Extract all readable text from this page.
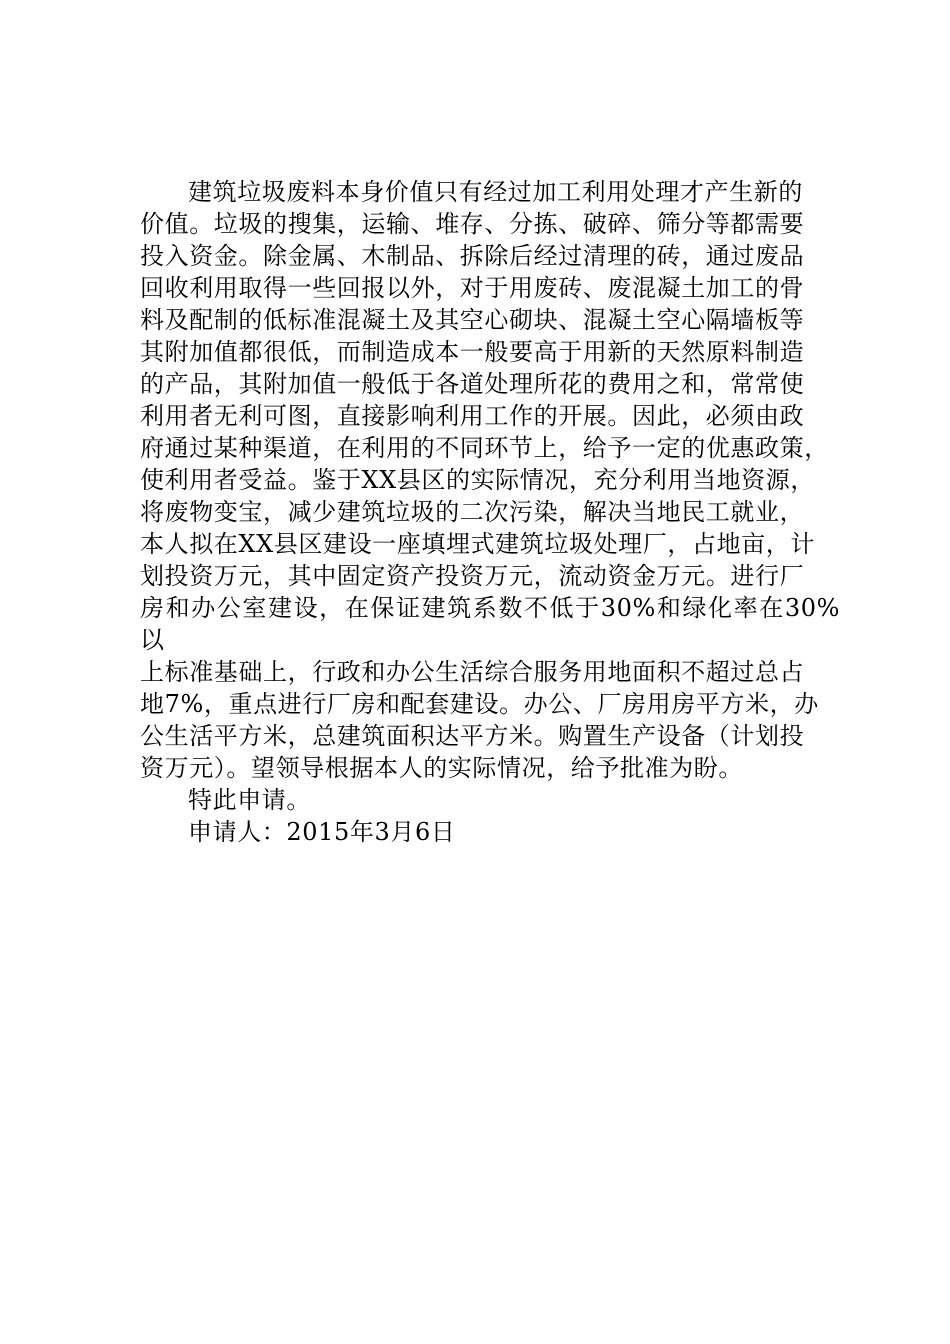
建筑垃圾废料本身价值只有经过加工利用处理才产生新的
价值。垃圾的搜集，运输、堆存、分拣、破碎、筛分等都需要
投入资金。除金属、木制品、拆除后经过清理的砖，通过废品
回收利用取得一些回报以外，对于用废砖、废混凝土加工的骨
料及配制的低标准混凝土及其空心砌块、混凝土空心隔墙板等
其附加值都很低，而制造成本一般要高于用新的天然原料制造
的产品，其附加值一般低于各道处理所花的费用之和，常常使
利用者无利可图，直接影响利用工作的开展。因此，必须由政
府通过某种渠道，在利用的不同环节上，给予一定的优惠政策，
使利用者受益。鉴于XX县区的实际情况，充分利用当地资源，
将废物变宝，减少建筑垃圾的二次污染，解决当地民工就业，
本人拟在XX县区建设一座填埋式建筑垃圾处理厂，占地亩，计
划投资万元，其中固定资产投资万元，流动资金万元。进行厂
房和办公室建设，在保证建筑系数不低于30%和绿化率在30%以
上标准基础上，行政和办公生活综合服务用地面积不超过总占
地7%，重点进行厂房和配套建设。办公、厂房用房平方米，办
公生活平方米，总建筑面积达平方米。购置生产设备（计划投
资万元）。望领导根据本人的实际情况，给予批准为盼。

特此申请。

申请人：2015年3月6日
